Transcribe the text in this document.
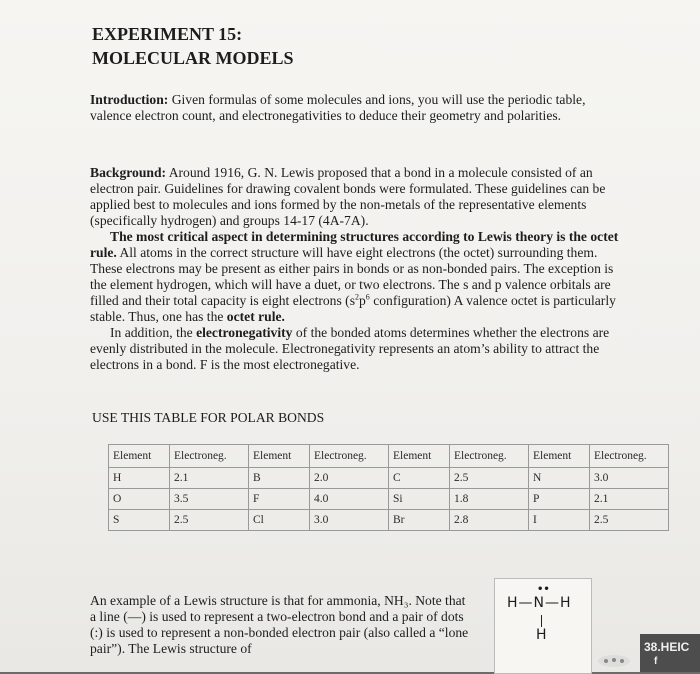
EXPERIMENT 15:
MOLECULAR MODELS
Introduction: Given formulas of some molecules and ions, you will use the periodic table, valence electron count, and electronegativities to deduce their geometry and polarities.
Background: Around 1916, G. N. Lewis proposed that a bond in a molecule consisted of an electron pair. Guidelines for drawing covalent bonds were formulated. These guidelines can be applied best to molecules and ions formed by the non-metals of the representative elements (specifically hydrogen) and groups 14-17 (4A-7A).
The most critical aspect in determining structures according to Lewis theory is the octet rule. All atoms in the correct structure will have eight electrons (the octet) surrounding them. These electrons may be present as either pairs in bonds or as non-bonded pairs. The exception is the element hydrogen, which will have a duet, or two electrons. The s and p valence orbitals are filled and their total capacity is eight electrons ($s^2p^6$ configuration) A valence octet is particularly stable. Thus, one has the octet rule.
In addition, the electronegativity of the bonded atoms determines whether the electrons are evenly distributed in the molecule. Electronegativity represents an atom’s ability to attract the electrons in a bond. F is the most electronegative.
USE THIS TABLE FOR POLAR BONDS
Element	Electroneg.	Element	Electroneg.	Element	Electroneg.	Element	Electroneg.
H	2.1	B	2.0	C	2.5	N	3.0
O	3.5	F	4.0	Si	1.8	P	2.1
S	2.5	Cl	3.0	Br	2.8	I	2.5
An example of a Lewis structure is that for ammonia, NH₃. Note that a line (—) is used to represent a two-electron bond and a pair of dots (:) is used to represent a non-bonded electron pair (also called a “lone pair”). The Lewis structure of
••
H—N—H
H
38.HEIC
f
